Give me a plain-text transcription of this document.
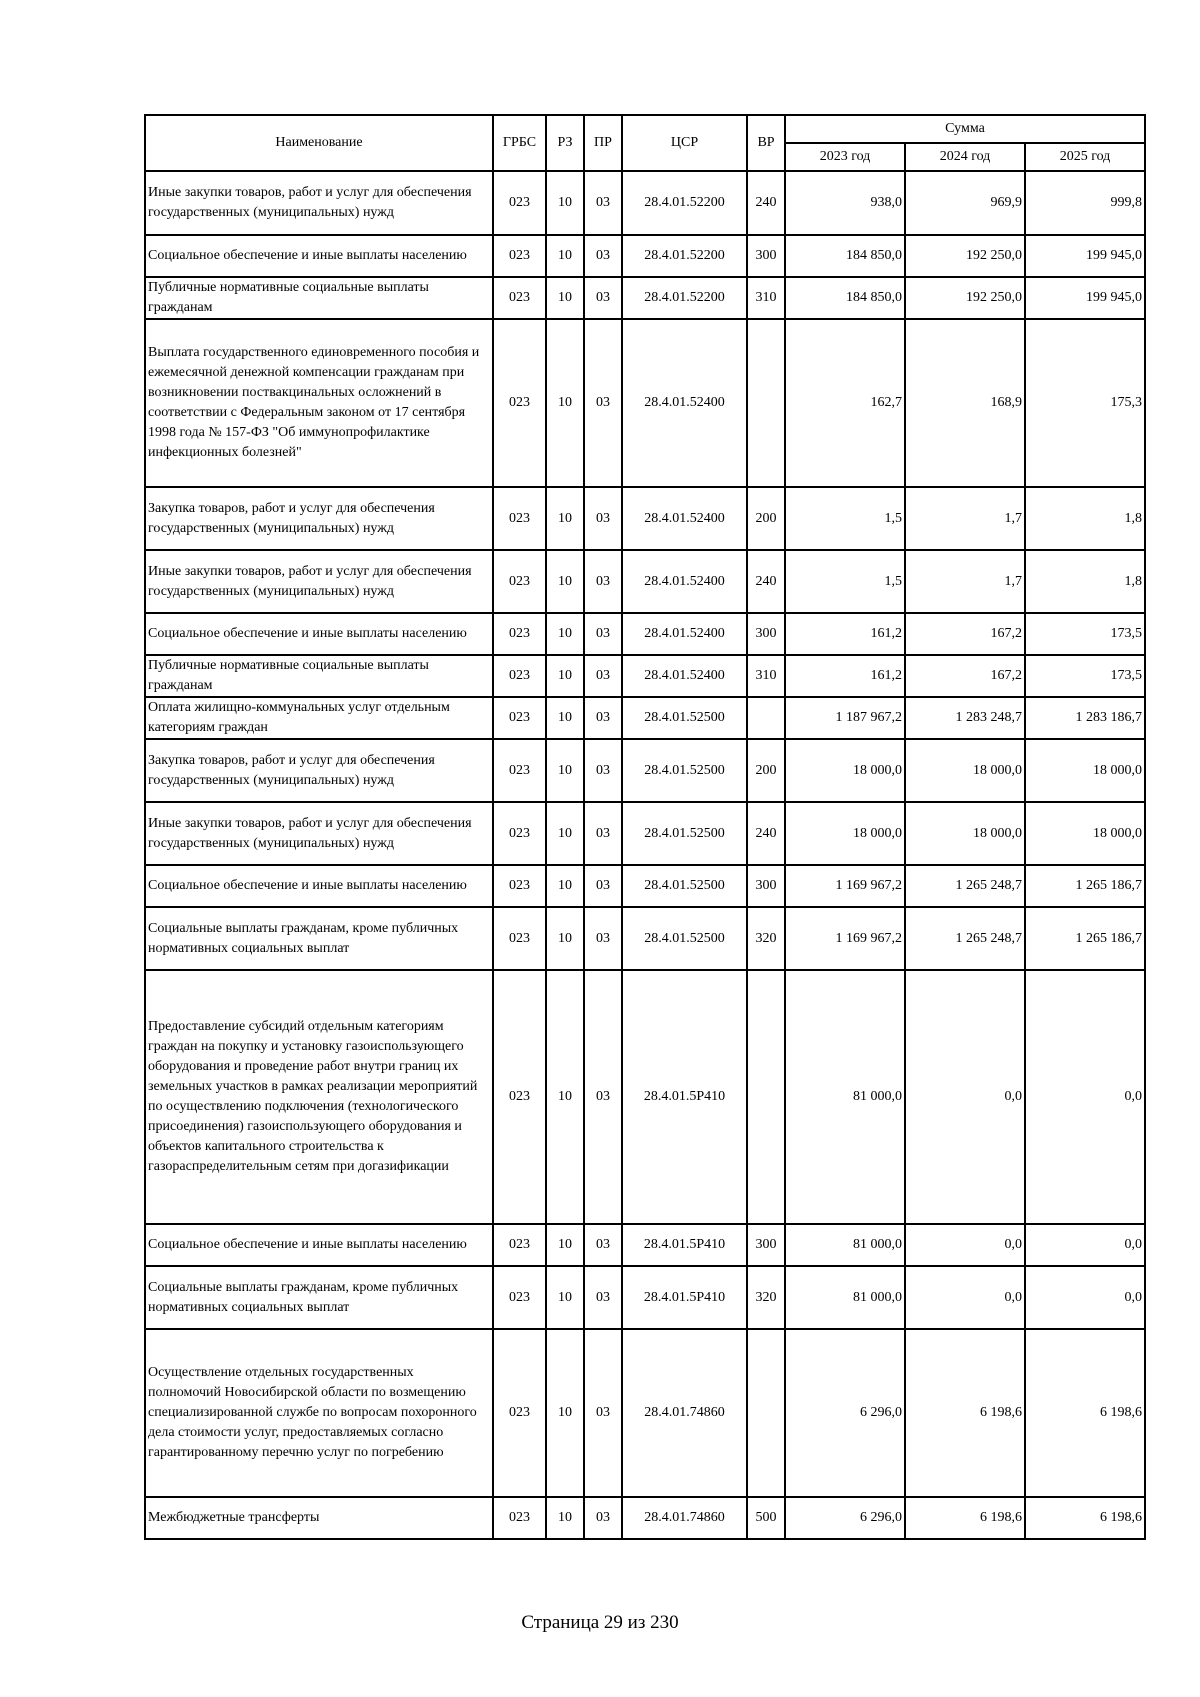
Наименование	ГРБС	РЗ	ПР	ЦСР	ВР	Сумма		
						2023 год	2024 год	2025 год
Иные закупки товаров, работ и услуг для обеспечения государственных (муниципальных) нужд	023	10	03	28.4.01.52200	240	938,0	969,9	999,8
Социальное обеспечение и иные выплаты населению	023	10	03	28.4.01.52200	300	184 850,0	192 250,0	199 945,0
Публичные нормативные социальные выплаты гражданам	023	10	03	28.4.01.52200	310	184 850,0	192 250,0	199 945,0
Выплата государственного единовременного пособия и ежемесячной денежной компенсации гражданам при возникновении поствакцинальных осложнений в соответствии с Федеральным законом от 17 сентября 1998 года № 157-ФЗ "Об иммунопрофилактике инфекционных болезней"	023	10	03	28.4.01.52400		162,7	168,9	175,3
Закупка товаров, работ и услуг для обеспечения государственных (муниципальных) нужд	023	10	03	28.4.01.52400	200	1,5	1,7	1,8
Иные закупки товаров, работ и услуг для обеспечения государственных (муниципальных) нужд	023	10	03	28.4.01.52400	240	1,5	1,7	1,8
Социальное обеспечение и иные выплаты населению	023	10	03	28.4.01.52400	300	161,2	167,2	173,5
Публичные нормативные социальные выплаты гражданам	023	10	03	28.4.01.52400	310	161,2	167,2	173,5
Оплата жилищно-коммунальных услуг отдельным категориям граждан	023	10	03	28.4.01.52500		1 187 967,2	1 283 248,7	1 283 186,7
Закупка товаров, работ и услуг для обеспечения государственных (муниципальных) нужд	023	10	03	28.4.01.52500	200	18 000,0	18 000,0	18 000,0
Иные закупки товаров, работ и услуг для обеспечения государственных (муниципальных) нужд	023	10	03	28.4.01.52500	240	18 000,0	18 000,0	18 000,0
Социальное обеспечение и иные выплаты населению	023	10	03	28.4.01.52500	300	1 169 967,2	1 265 248,7	1 265 186,7
Социальные выплаты гражданам, кроме публичных нормативных социальных выплат	023	10	03	28.4.01.52500	320	1 169 967,2	1 265 248,7	1 265 186,7
Предоставление субсидий отдельным категориям граждан на покупку и установку газоиспользующего оборудования и проведение работ внутри границ их земельных участков в рамках реализации мероприятий по осуществлению подключения (технологического присоединения) газоиспользующего оборудования и объектов капитального строительства к газораспределительным сетям при догазификации	023	10	03	28.4.01.5Р410		81 000,0	0,0	0,0
Социальное обеспечение и иные выплаты населению	023	10	03	28.4.01.5Р410	300	81 000,0	0,0	0,0
Социальные выплаты гражданам, кроме публичных нормативных социальных выплат	023	10	03	28.4.01.5Р410	320	81 000,0	0,0	0,0
Осуществление отдельных государственных полномочий Новосибирской области по возмещению специализированной службе по вопросам похоронного дела стоимости услуг, предоставляемых согласно гарантированному перечню услуг по погребению	023	10	03	28.4.01.74860		6 296,0	6 198,6	6 198,6
Межбюджетные трансферты	023	10	03	28.4.01.74860	500	6 296,0	6 198,6	6 198,6
Страница 29 из 230
